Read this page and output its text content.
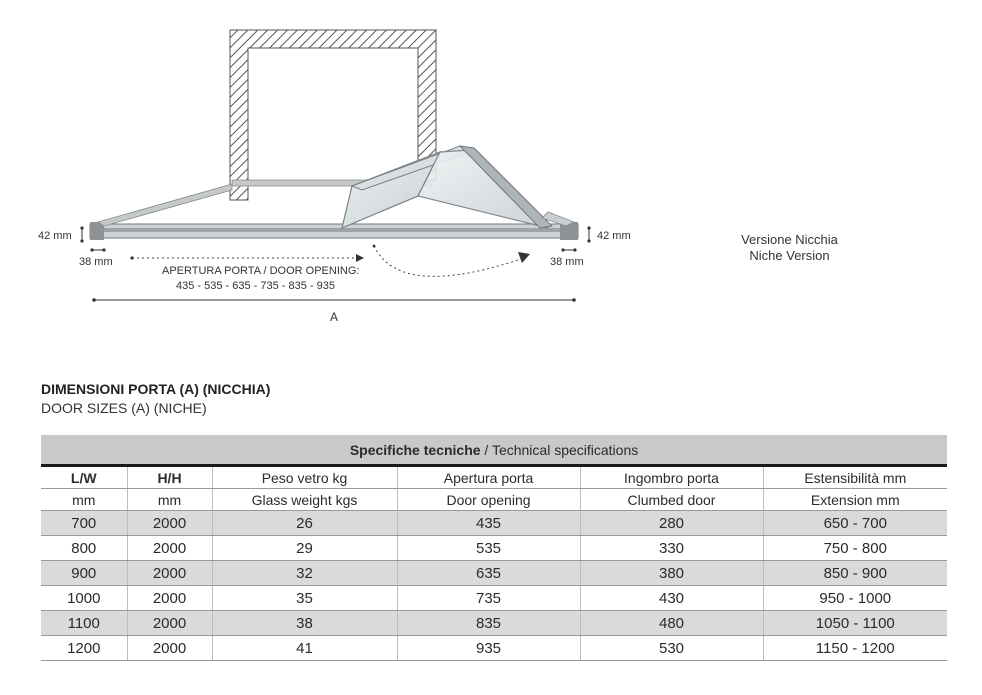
42 mm	42 mm
38 mm	38 mm
APERTURA PORTA / DOOR OPENING:
435 - 535 - 635 - 735 - 835 - 935
A
Versione Nicchia
Niche Version
DIMENSIONI PORTA (A) (NICCHIA)
DOOR SIZES (A) (NICHE)
Specifiche tecniche / Technical specifications					
L/W	H/H	Peso vetro kg	Apertura porta	Ingombro porta	Estensibilità mm
mm	mm	Glass weight kgs	Door opening	Clumbed door	Extension mm
700	2000	26	435	280	650 - 700
800	2000	29	535	330	750 - 800
900	2000	32	635	380	850 - 900
1000	2000	35	735	430	950 - 1000
1100	2000	38	835	480	1050 - 1100
1200	2000	41	935	530	1150 - 1200
